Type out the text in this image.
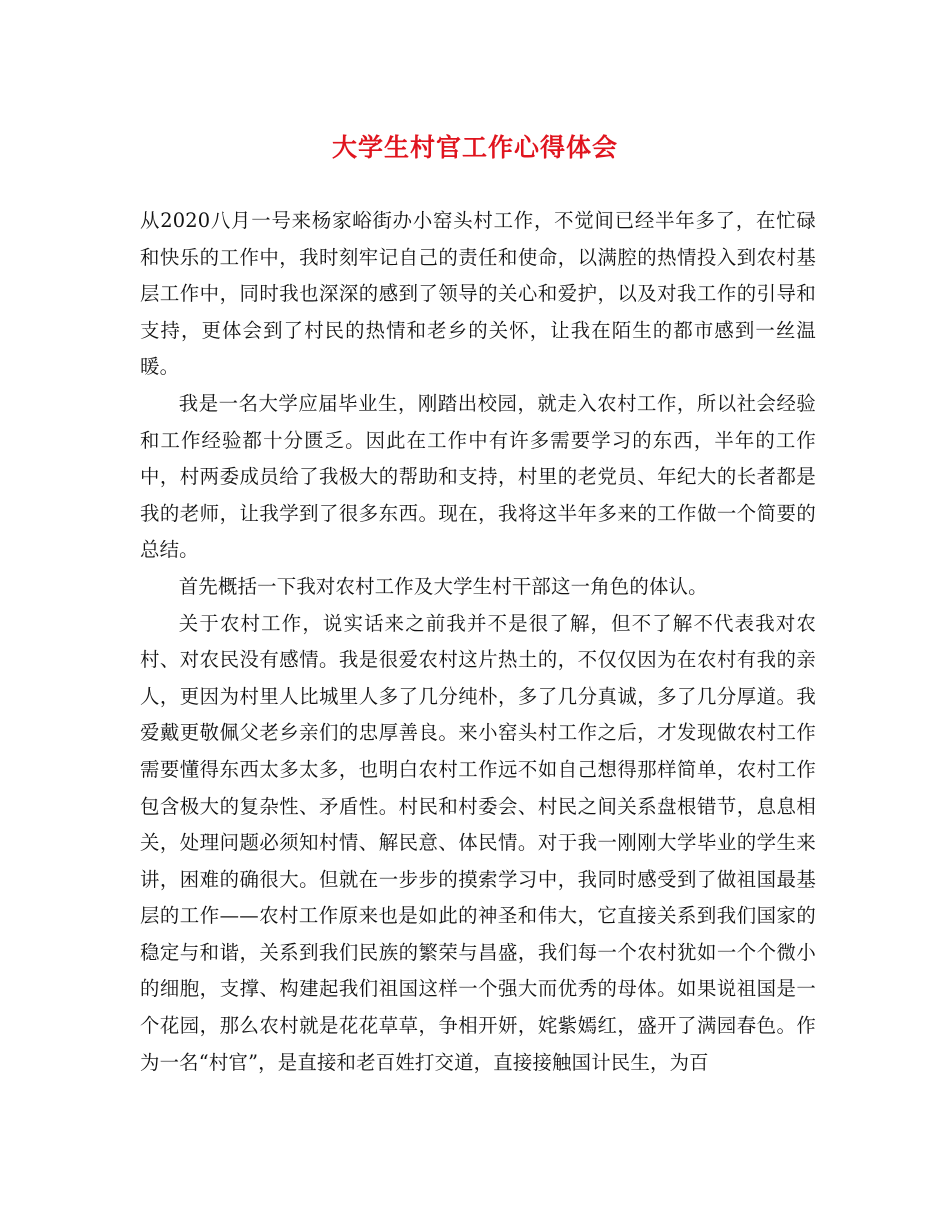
大学生村官工作心得体会

从2020八月一号来杨家峪街办小窑头村工作，不觉间已经半年多了，在忙碌和快乐的工作中，我时刻牢记自己的责任和使命，以满腔的热情投入到农村基层工作中，同时我也深深的感到了领导的关心和爱护，以及对我工作的引导和支持，更体会到了村民的热情和老乡的关怀，让我在陌生的都市感到一丝温暖。

我是一名大学应届毕业生，刚踏出校园，就走入农村工作，所以社会经验和工作经验都十分匮乏。因此在工作中有许多需要学习的东西，半年的工作中，村两委成员给了我极大的帮助和支持，村里的老党员、年纪大的长者都是我的老师，让我学到了很多东西。现在，我将这半年多来的工作做一个简要的总结。

首先概括一下我对农村工作及大学生村干部这一角色的体认。

关于农村工作，说实话来之前我并不是很了解，但不了解不代表我对农村、对农民没有感情。我是很爱农村这片热土的，不仅仅因为在农村有我的亲人，更因为村里人比城里人多了几分纯朴，多了几分真诚，多了几分厚道。我爱戴更敬佩父老乡亲们的忠厚善良。来小窑头村工作之后，才发现做农村工作需要懂得东西太多太多，也明白农村工作远不如自己想得那样简单，农村工作包含极大的复杂性、矛盾性。村民和村委会、村民之间关系盘根错节，息息相关，处理问题必须知村情、解民意、体民情。对于我一刚刚大学毕业的学生来讲，困难的确很大。但就在一步步的摸索学习中，我同时感受到了做祖国最基层的工作——农村工作原来也是如此的神圣和伟大，它直接关系到我们国家的稳定与和谐，关系到我们民族的繁荣与昌盛，我们每一个农村犹如一个个微小的细胞，支撑、构建起我们祖国这样一个强大而优秀的母体。如果说祖国是一个花园，那么农村就是花花草草，争相开妍，姹紫嫣红，盛开了满园春色。作为一名“村官”，是直接和老百姓打交道，直接接触国计民生，为百
